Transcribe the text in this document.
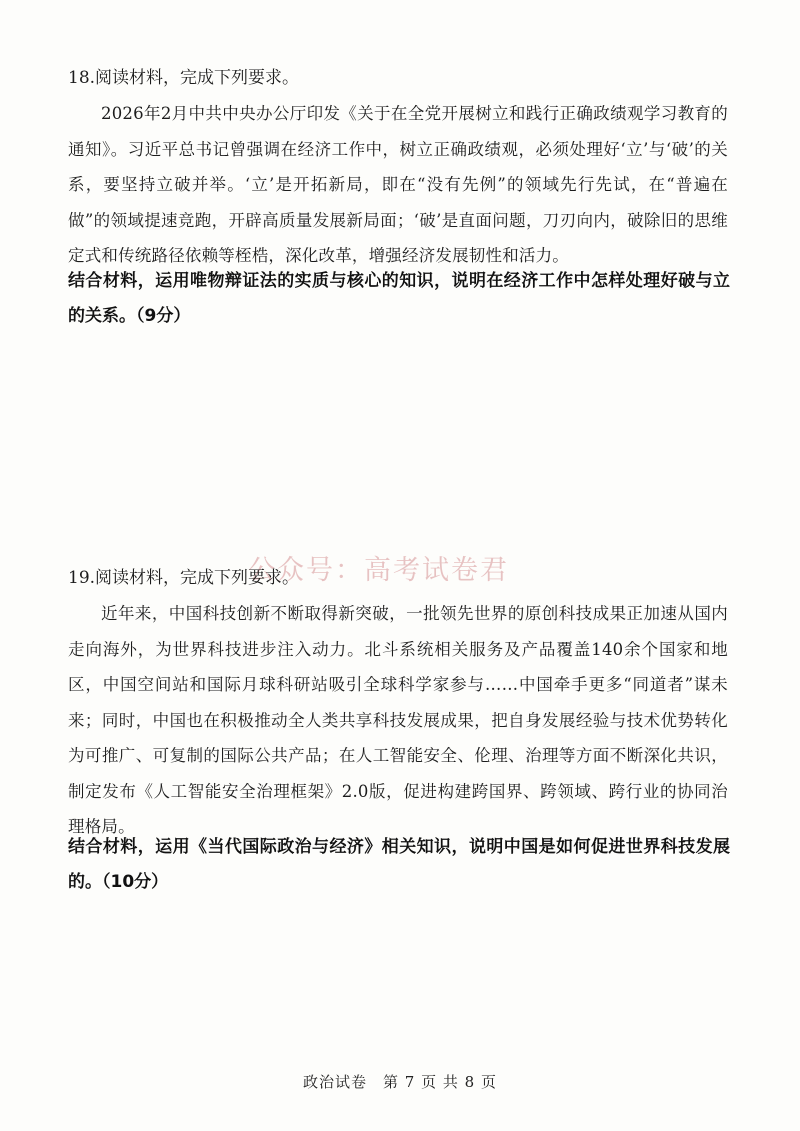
18.阅读材料，完成下列要求。

2026年2月中共中央办公厅印发《关于在全党开展树立和践行正确政绩观学习教育的通知》。习近平总书记曾强调在经济工作中，树立正确政绩观，必须处理好‘立’与‘破’的关系，要坚持立破并举。‘立’是开拓新局，即在“没有先例”的领域先行先试，在“普遍在做”的领域提速竞跑，开辟高质量发展新局面；‘破’是直面问题，刀刃向内，破除旧的思维定式和传统路径依赖等桎梏，深化改革，增强经济发展韧性和活力。

结合材料，运用唯物辩证法的实质与核心的知识，说明在经济工作中怎样处理好破与立的关系。（9分）

公众号：高考试卷君
19.阅读材料，完成下列要求。

近年来，中国科技创新不断取得新突破，一批领先世界的原创科技成果正加速从国内走向海外，为世界科技进步注入动力。北斗系统相关服务及产品覆盖140余个国家和地区，中国空间站和国际月球科研站吸引全球科学家参与……中国牵手更多“同道者”谋未来；同时，中国也在积极推动全人类共享科技发展成果，把自身发展经验与技术优势转化为可推广、可复制的国际公共产品；在人工智能安全、伦理、治理等方面不断深化共识，制定发布《人工智能安全治理框架》2.0版，促进构建跨国界、跨领域、跨行业的协同治理格局。

结合材料，运用《当代国际政治与经济》相关知识，说明中国是如何促进世界科技发展的。（10分）

政治试卷　第 7 页 共 8 页
